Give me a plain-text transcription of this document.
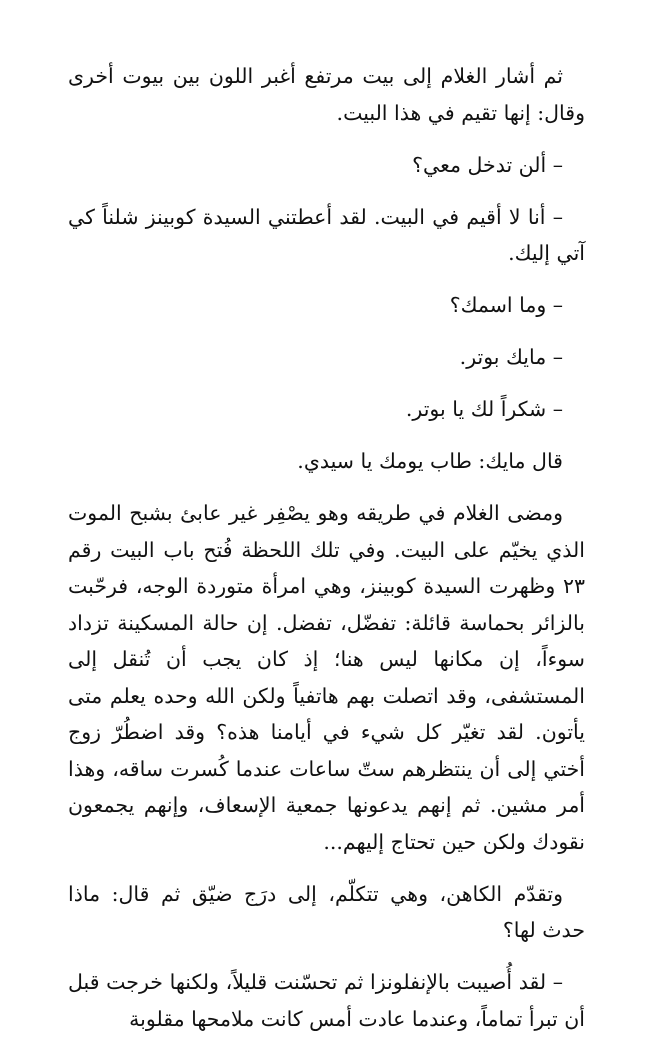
ثم أشار الغلام إلى بيت مرتفع أغبر اللون بين بيوت أخرى وقال: إنها تقيم في هذا البيت.

– ألن تدخل معي؟

– أنا لا أقيم في البيت. لقد أعطتني السيدة كوبينز شلناً كي آتي إليك.

– وما اسمك؟

– مايك بوتر.

– شكراً لك يا بوتر.

قال مايك: طاب يومك يا سيدي.

ومضى الغلام في طريقه وهو يصْفِر غير عابئ بشبح الموت الذي يخيّم على البيت. وفي تلك اللحظة فُتح باب البيت رقم ٢٣ وظهرت السيدة كوبينز، وهي امرأة متوردة الوجه، فرحّبت بالزائر بحماسة قائلة: تفضّل، تفضل. إن حالة المسكينة تزداد سوءاً، إن مكانها ليس هنا؛ إذ كان يجب أن تُنقل إلى المستشفى، وقد اتصلت بهم هاتفياً ولكن الله وحده يعلم متى يأتون. لقد تغيّر كل شيء في أيامنا هذه؟ وقد اضطُرّ زوج أختي إلى أن ينتظرهم ستّ ساعات عندما كُسرت ساقه، وهذا أمر مشين. ثم إنهم يدعونها جمعية الإسعاف، وإنهم يجمعون نقودك ولكن حين تحتاج إليهم...

وتقدّم الكاهن، وهي تتكلّم، إلى درَج ضيّق ثم قال: ماذا حدث لها؟

– لقد أُصيبت بالإنفلونزا ثم تحسّنت قليلاً، ولكنها خرجت قبل أن تبرأ تماماً، وعندما عادت أمس كانت ملامحها مقلوبة
